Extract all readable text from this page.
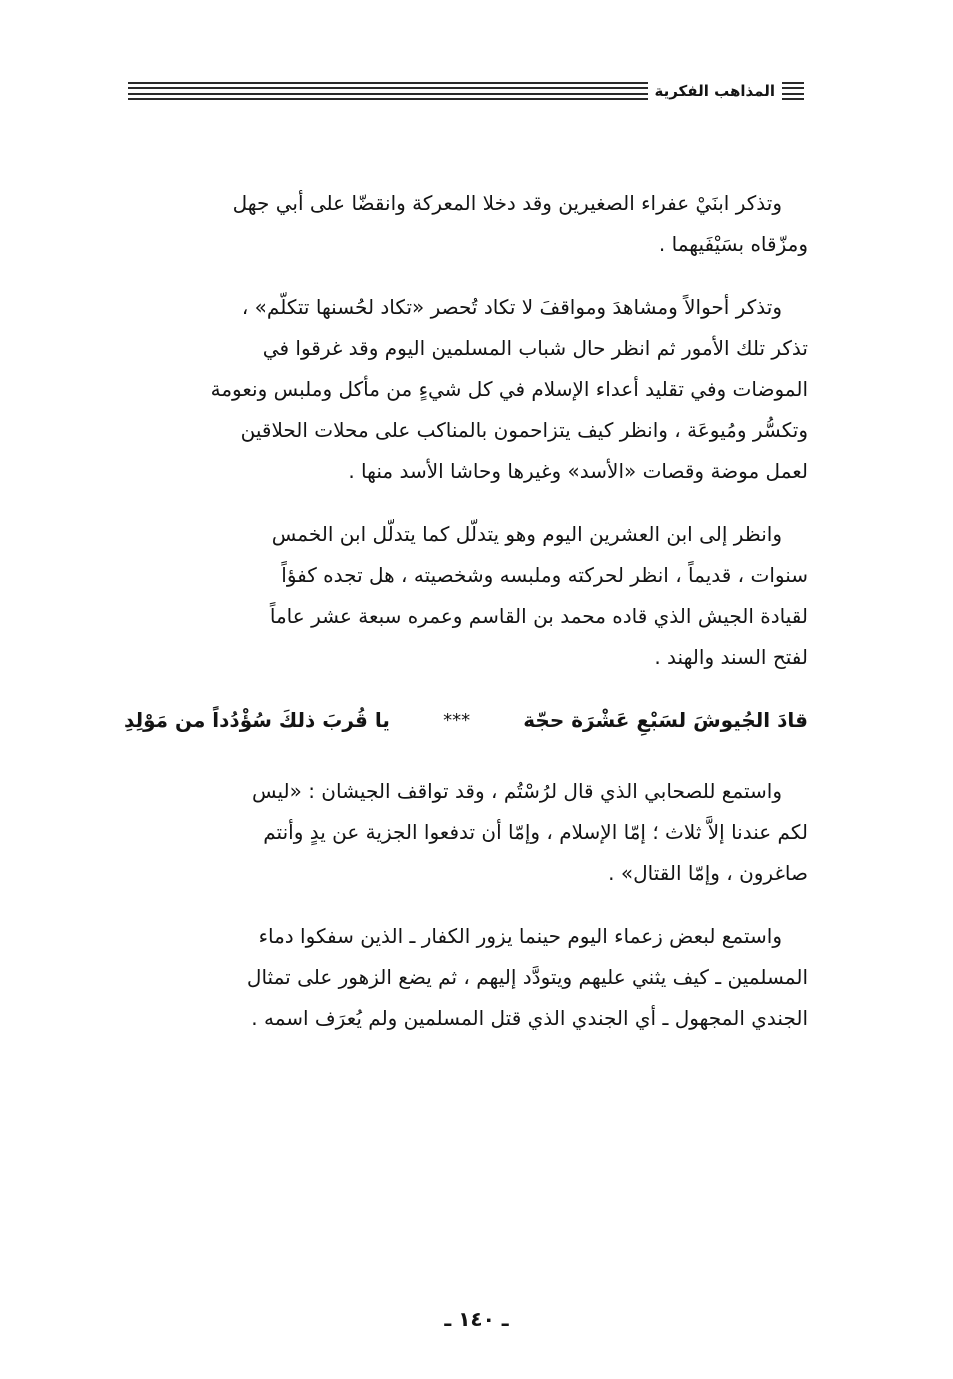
المذاهب الفكرية

وتذكر ابنَيْ عفراء الصغيرين وقد دخلا المعركة وانقضّا على أبي جهل
ومزّقاه بسَيْفَيهما .

وتذكر أحوالاً ومشاهدَ ومواقفَ لا تكاد تُحصر «تكاد لحُسنها تتكلّم» ،
تذكر تلك الأمور ثم انظر حال شباب المسلمين اليوم وقد غرقوا في
الموضات وفي تقليد أعداء الإسلام في كل شيءٍ من مأكل وملبس ونعومة
وتكسُّر ومُيوعَة ، وانظر كيف يتزاحمون بالمناكب على محلات الحلاقين
لعمل موضة وقصات «الأسد» وغيرها وحاشا الأسد منها .

وانظر إلى ابن العشرين اليوم وهو يتدلّل كما يتدلّل ابن الخمس
سنوات ، قديماً ، انظر لحركته وملبسه وشخصيته ، هل تجده كفؤاً
لقيادة الجيش الذي قاده محمد بن القاسم وعمره سبعة عشر عاماً
لفتح السند والهند .

قادَ الجُيوشَ لسَبْعِ عَشْرَة حجّة
***
يا قُربَ ذلكَ سُؤْدُداً من مَوْلِدِ

واستمع للصحابي الذي قال لرُسْتُم ، وقد تواقف الجيشان : «ليس
لكم عندنا إلاَّ ثلاث ؛ إمّا الإسلام ، وإمّا أن تدفعوا الجزية عن يدٍ وأنتم
صاغرون ، وإمّا القتال» .

واستمع لبعض زعماء اليوم حينما يزور الكفار ـ الذين سفكوا دماء
المسلمين ـ كيف يثني عليهم ويتودَّد إليهم ، ثم يضع الزهور على تمثال
الجندي المجهول ـ أي الجندي الذي قتل المسلمين ولم يُعرَف اسمه .

ـ ١٤٠ ـ
